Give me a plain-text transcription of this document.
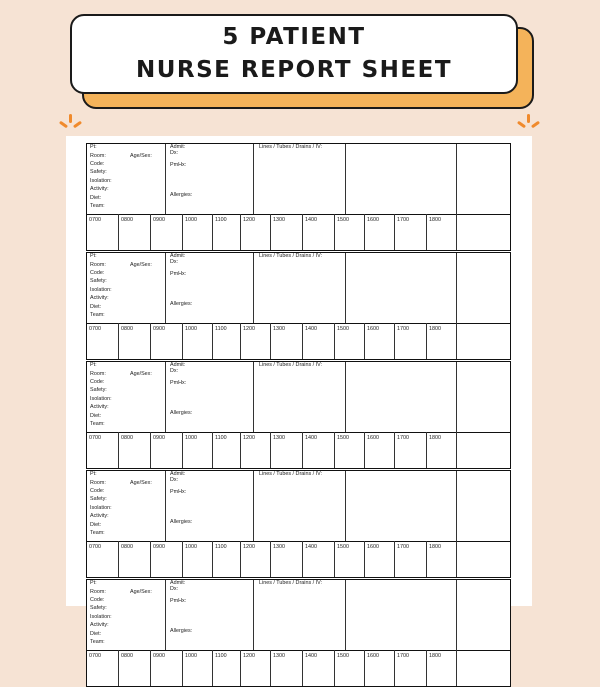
5 PATIENT
NURSE REPORT SHEET
Pt:
Room:	Age/Sex:
Code:
Safety:
Isolation:
Activity:
Diet:
Team:
Admit:
Dx:
PmHx:
Allergies:
Lines / Tubes / Drains / IV:
0700	0800	0900	1000	1100	1200	1300	1400	1500	1600	1700	1800
Pt:
Room:	Age/Sex:
Code:
Safety:
Isolation:
Activity:
Diet:
Team:
Admit:
Dx:
PmHx:
Allergies:
Lines / Tubes / Drains / IV:
0700	0800	0900	1000	1100	1200	1300	1400	1500	1600	1700	1800
Pt:
Room:	Age/Sex:
Code:
Safety:
Isolation:
Activity:
Diet:
Team:
Admit:
Dx:
PmHx:
Allergies:
Lines / Tubes / Drains / IV:
0700	0800	0900	1000	1100	1200	1300	1400	1500	1600	1700	1800
Pt:
Room:	Age/Sex:
Code:
Safety:
Isolation:
Activity:
Diet:
Team:
Admit:
Dx:
PmHx:
Allergies:
Lines / Tubes / Drains / IV:
0700	0800	0900	1000	1100	1200	1300	1400	1500	1600	1700	1800
Pt:
Room:	Age/Sex:
Code:
Safety:
Isolation:
Activity:
Diet:
Team:
Admit:
Dx:
PmHx:
Allergies:
Lines / Tubes / Drains / IV:
0700	0800	0900	1000	1100	1200	1300	1400	1500	1600	1700	1800
